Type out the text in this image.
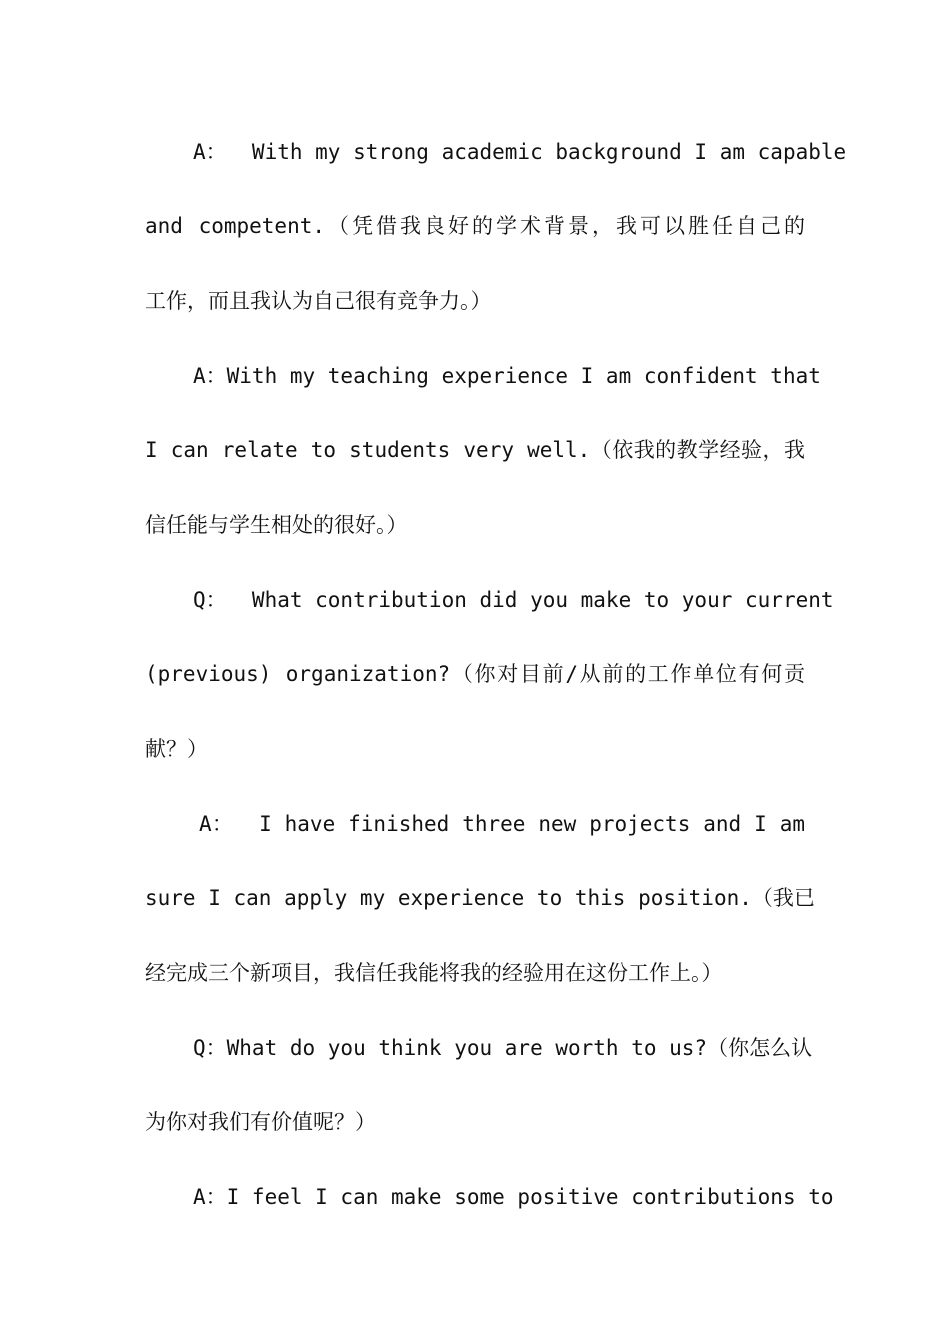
A：  With my strong academic background I am capable
and competent.（凭借我良好的学术背景，我可以胜任自己的
工作，而且我认为自己很有竞争力。）
A：With my teaching experience I am confident that
I can relate to students very well.（依我的教学经验，我
信任能与学生相处的很好。）
Q：  What contribution did you make to your current
(previous) organization?（你对目前/从前的工作单位有何贡
献？）
A：  I have finished three new projects and I am
sure I can apply my experience to this position.（我已
经完成三个新项目，我信任我能将我的经验用在这份工作上。）
Q：What do you think you are worth to us?（你怎么认
为你对我们有价值呢？）
A：I feel I can make some positive contributions to
